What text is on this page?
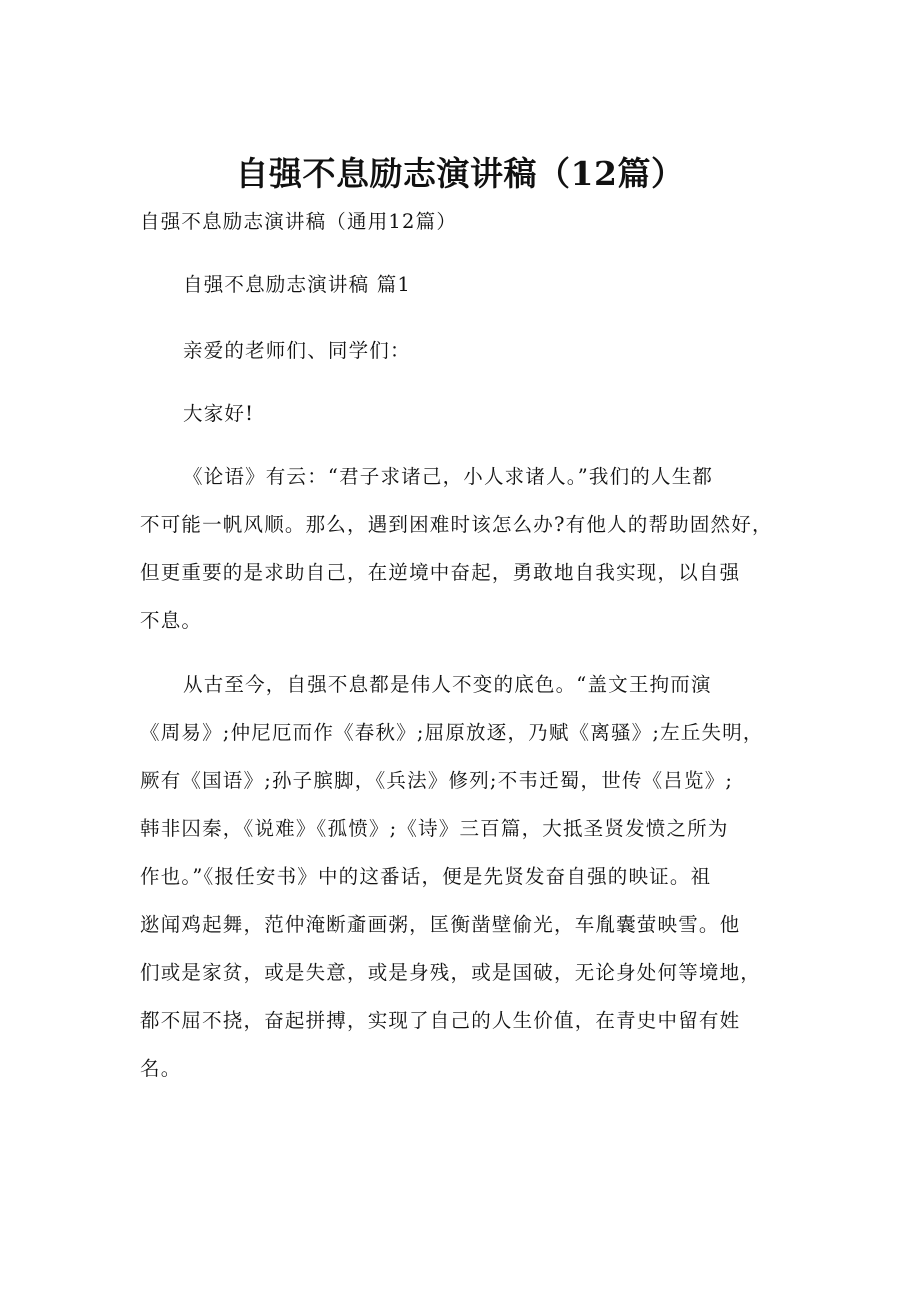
自强不息励志演讲稿（12篇）
自强不息励志演讲稿（通用12篇）
自强不息励志演讲稿 篇1
亲爱的老师们、同学们：
大家好!
《论语》有云：“君子求诸己，小人求诸人。”我们的人生都
不可能一帆风顺。那么，遇到困难时该怎么办?有他人的帮助固然好，
但更重要的是求助自己，在逆境中奋起，勇敢地自我实现，以自强
不息。
从古至今，自强不息都是伟人不变的底色。“盖文王拘而演
《周易》;仲尼厄而作《春秋》;屈原放逐，乃赋《离骚》;左丘失明，
厥有《国语》;孙子膑脚，《兵法》修列;不韦迁蜀，世传《吕览》;
韩非囚秦，《说难》《孤愤》;《诗》三百篇，大抵圣贤发愤之所为
作也。”《报任安书》中的这番话，便是先贤发奋自强的映证。祖
逖闻鸡起舞，范仲淹断齑画粥，匡衡凿壁偷光，车胤囊萤映雪。他
们或是家贫，或是失意，或是身残，或是国破，无论身处何等境地，
都不屈不挠，奋起拼搏，实现了自己的人生价值，在青史中留有姓
名。
